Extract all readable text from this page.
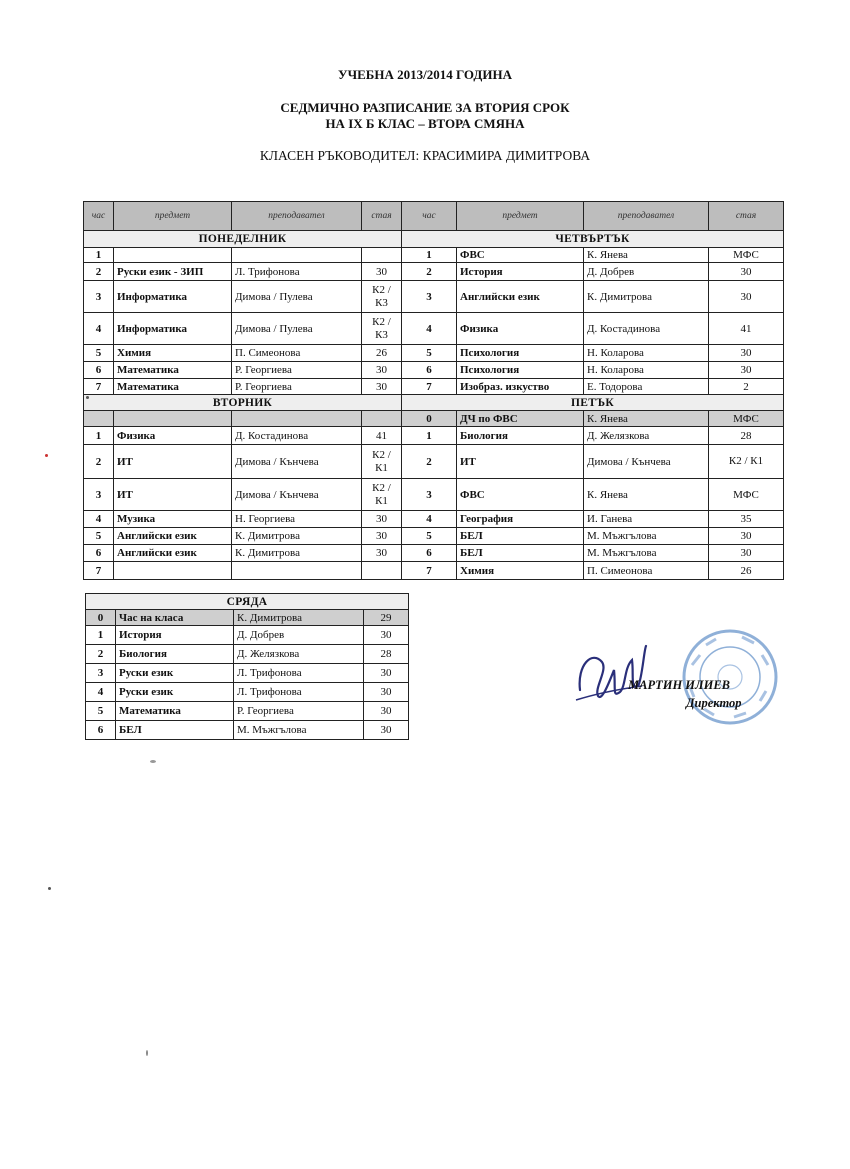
УЧЕБНА 2013/2014 ГОДИНА
СЕДМИЧНО РАЗПИСАНИЕ ЗА ВТОРИЯ СРОК
НА IX Б КЛАС – ВТОРА СМЯНА
КЛАСЕН РЪКОВОДИТЕЛ: КРАСИМИРА ДИМИТРОВА
час	предмет	преподавател	стая	час	предмет	преподавател	стая
ПОНЕДЕЛНИК				ЧЕТВЪРТЪК			
1				1	ФВС	К. Янева	МФС
2	Руски език - ЗИП	Л. Трифонова	30	2	История	Д. Добрев	30
3	Информатика	Димова / Пулева	К2 / К3	3	Английски език	К. Димитрова	30
4	Информатика	Димова / Пулева	К2 / К3	4	Физика	Д. Костадинова	41
5	Химия	П. Симеонова	26	5	Психология	Н. Коларова	30
6	Математика	Р. Георгиева	30	6	Психология	Н. Коларова	30
7	Математика	Р. Георгиева	30	7	Изобраз. изкуство	Е. Тодорова	2
ВТОРНИК				ПЕТЪК			
				0	ДЧ по ФВС	К. Янева	МФС
1	Физика	Д. Костадинова	41	1	Биология	Д. Желязкова	28
2	ИТ	Димова / Кънчева	К2 / К1	2	ИТ	Димова / Кънчева	К2 / К1
3	ИТ	Димова / Кънчева	К2 / К1	3	ФВС	К. Янева	МФС
4	Музика	Н. Георгиева	30	4	География	И. Ганева	35
5	Английски език	К. Димитрова	30	5	БЕЛ	М. Мъжгълова	30
6	Английски език	К. Димитрова	30	6	БЕЛ	М. Мъжгълова	30
7				7	Химия	П. Симеонова	26
СРЯДА			
0	Час на класа	К. Димитрова	29
1	История	Д. Добрев	30
2	Биология	Д. Желязкова	28
3	Руски език	Л. Трифонова	30
4	Руски език	Л. Трифонова	30
5	Математика	Р. Георгиева	30
6	БЕЛ	М. Мъжгълова	30
МАРТИН ИЛИЕВ
Директор
